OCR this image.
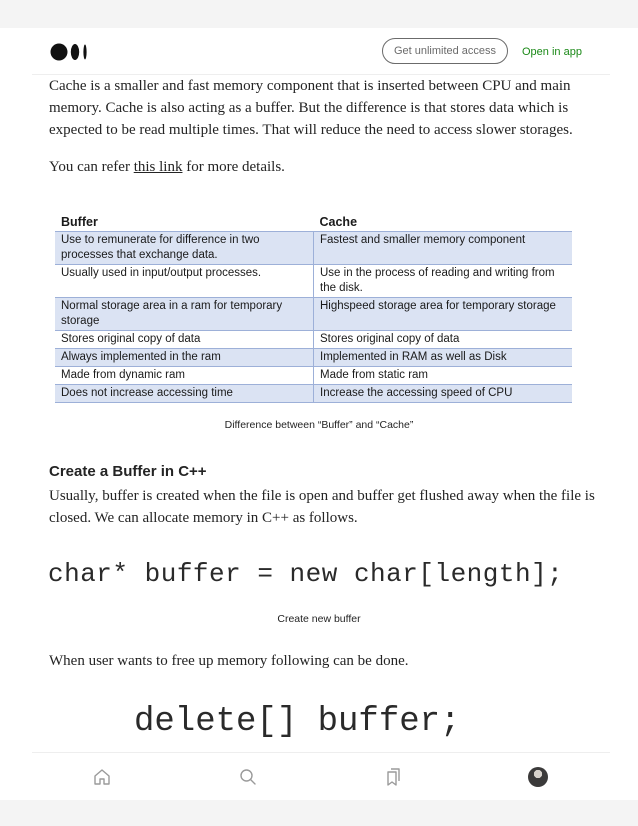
Get unlimited access	Open in app
Cache is a smaller and fast memory component that is inserted between CPU and main memory. Cache is also acting as a buffer. But the difference is that stores data which is expected to be read multiple times. That will reduce the need to access slower storages.
You can refer this link for more details.
Buffer	Cache
Use to remunerate for difference in two processes that exchange data.	Fastest and smaller memory component
Usually used in input/output processes.	Use in the process of reading and writing from the disk.
Normal storage area in a ram for temporary storage	Highspeed storage area for temporary storage
Stores original copy of data	Stores original copy of data
Always implemented in the ram	Implemented in RAM as well as Disk
Made from dynamic ram	Made from static ram
Does not increase accessing time	Increase the accessing speed of CPU
Difference between “Buffer” and “Cache”
Create a Buffer in C++
Usually, buffer is created when the file is open and buffer get flushed away when the file is closed. We can allocate memory in C++ as follows.
char* buffer = new char[length];
Create new buffer
When user wants to free up memory following can be done.
delete[] buffer;
